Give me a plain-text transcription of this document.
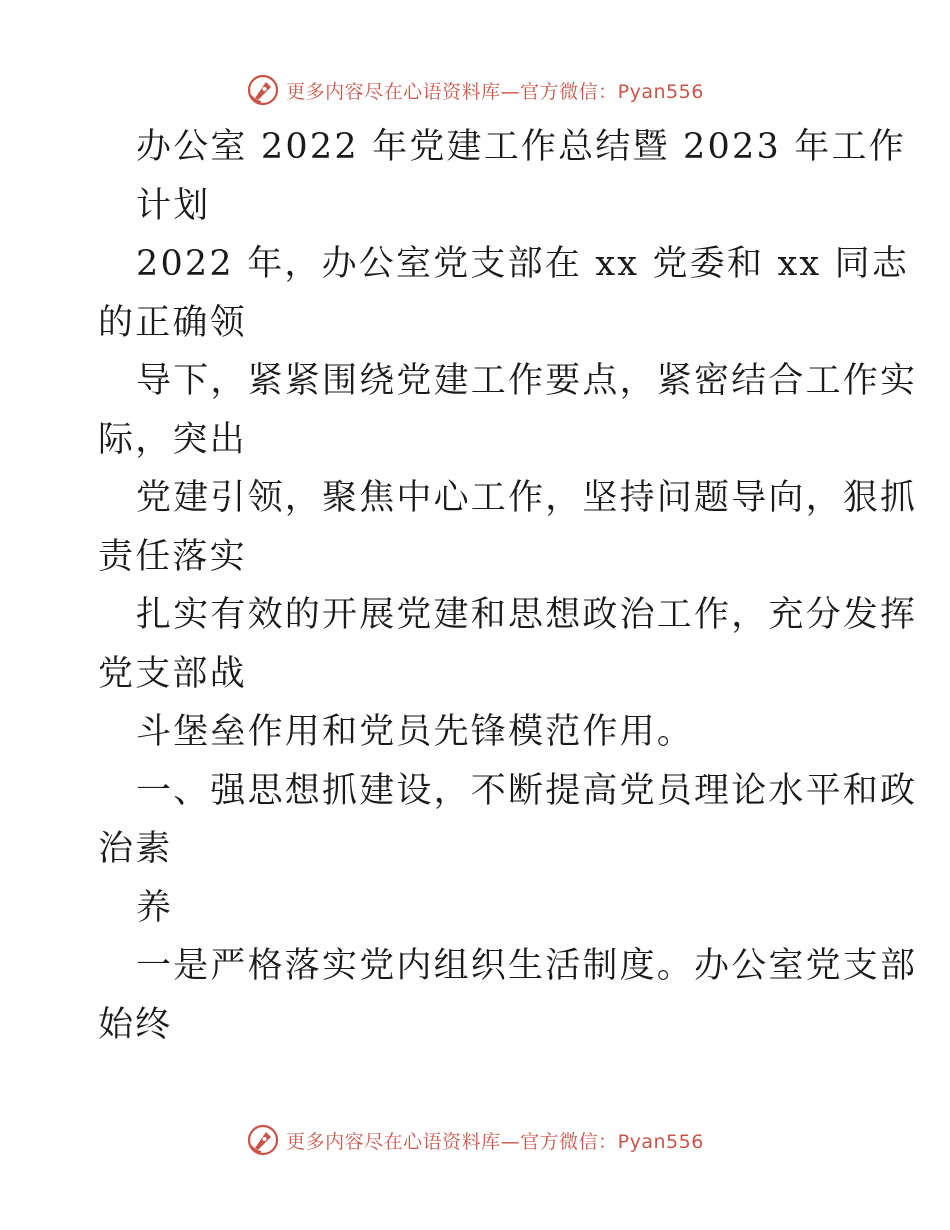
更多内容尽在心语资料库—官方微信：Pyan556
办公室 2022 年党建工作总结暨 2023 年工作
计划
2022 年，办公室党支部在 xx 党委和 xx 同志
的正确领
导下，紧紧围绕党建工作要点，紧密结合工作实
际，突出
党建引领，聚焦中心工作，坚持问题导向，狠抓
责任落实
扎实有效的开展党建和思想政治工作，充分发挥
党支部战
斗堡垒作用和党员先锋模范作用。
一、强思想抓建设，不断提高党员理论水平和政
治素
养
一是严格落实党内组织生活制度。办公室党支部
始终
更多内容尽在心语资料库—官方微信：Pyan556
